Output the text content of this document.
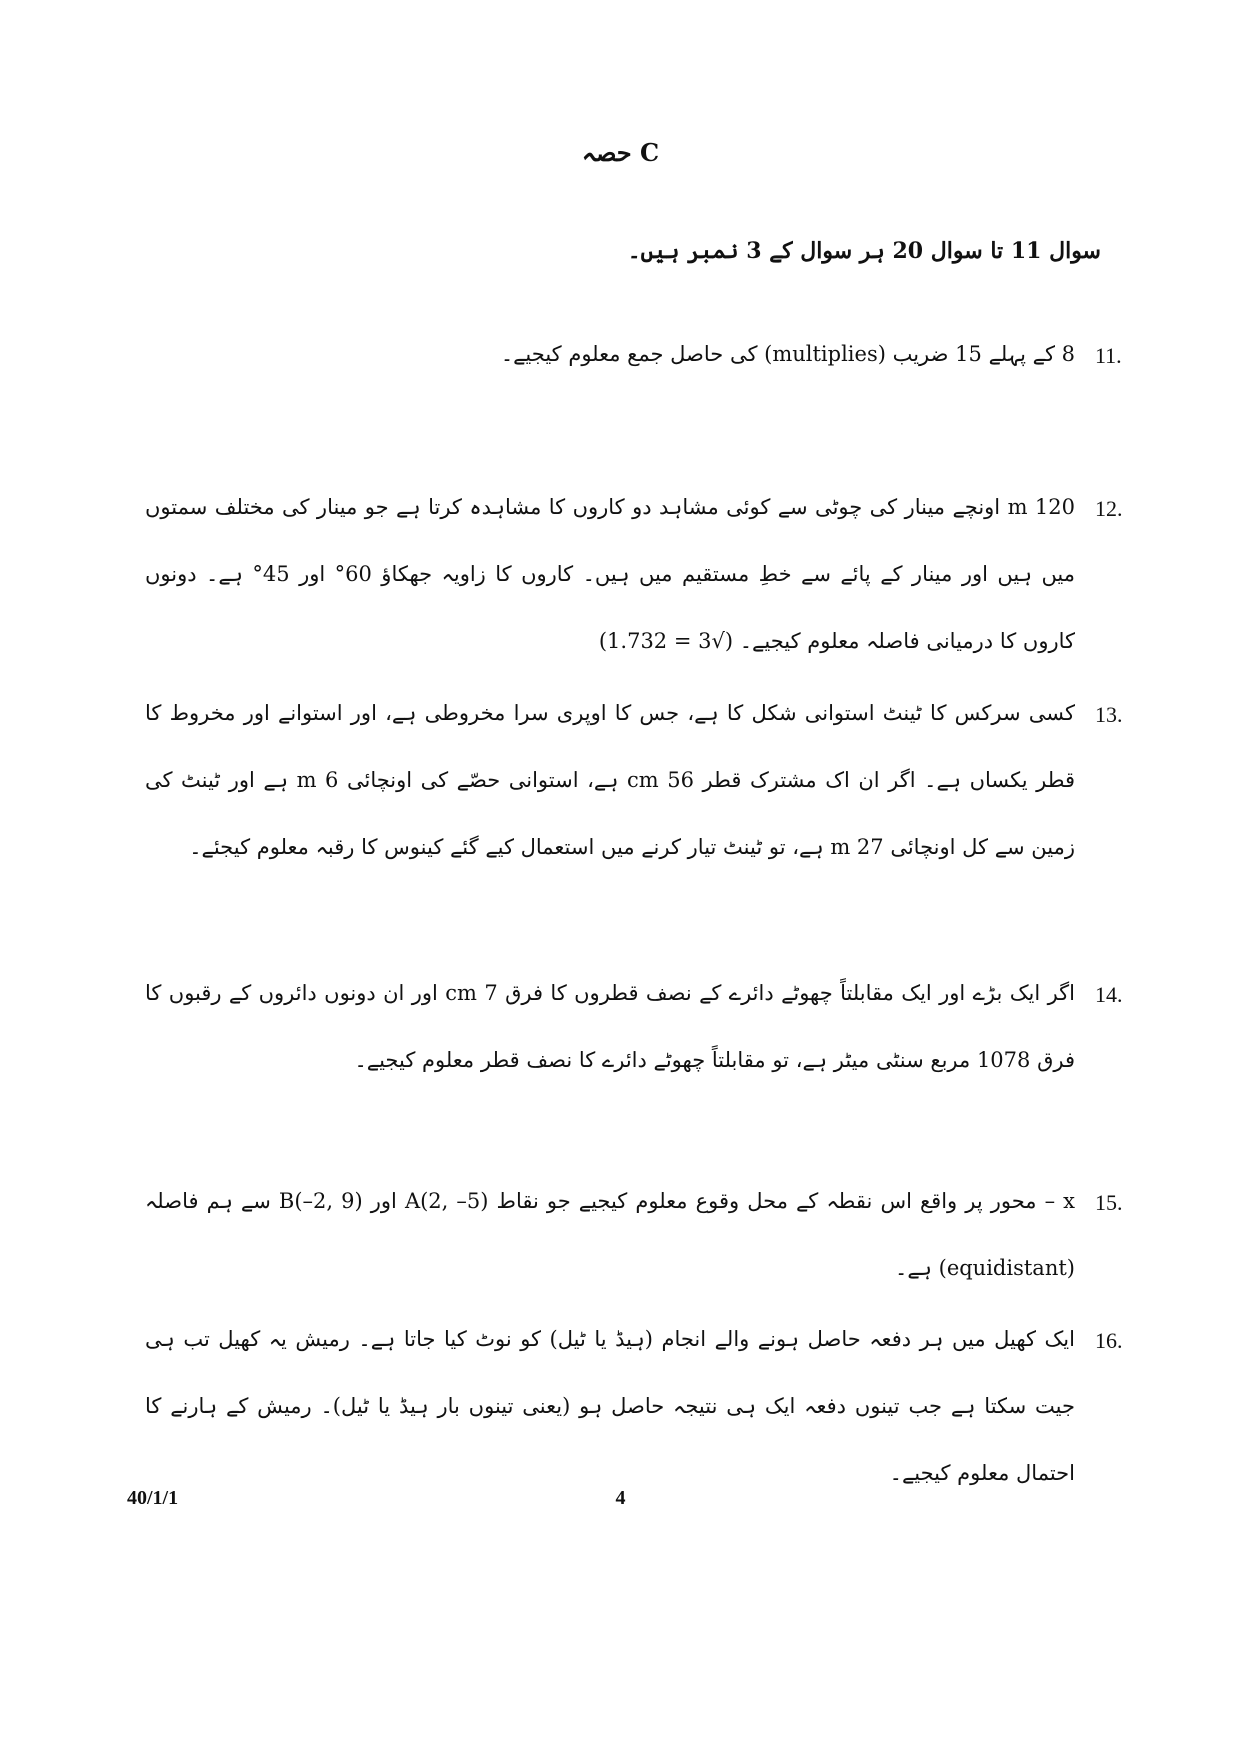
حصہ C
سوال 11 تا سوال 20 ہر سوال کے 3 نمبر ہیں۔
11.
8 کے پہلے 15 ضریب (multiplies) کی حاصل جمع معلوم کیجیے۔
12.
120 m اونچے مینار کی چوٹی سے کوئی مشاہد دو کاروں کا مشاہدہ کرتا ہے جو مینار کی مختلف سمتوں میں ہیں اور مینار کے پائے سے خطِ مستقیم میں ہیں۔ کاروں کا زاویہ جھکاؤ 60° اور 45° ہے۔ دونوں کاروں کا درمیانی فاصلہ معلوم کیجیے۔ (√3 = 1.732)
13.
کسی سرکس کا ٹینٹ استوانی شکل کا ہے، جس کا اوپری سرا مخروطی ہے، اور استوانے اور مخروط کا قطر یکساں ہے۔ اگر ان اک مشترک قطر 56 cm ہے، استوانی حصّے کی اونچائی 6 m ہے اور ٹینٹ کی زمین سے کل اونچائی 27 m ہے، تو ٹینٹ تیار کرنے میں استعمال کیے گئے کینوس کا رقبہ معلوم کیجئے۔
14.
اگر ایک بڑے اور ایک مقابلتاً چھوٹے دائرے کے نصف قطروں کا فرق 7 cm اور ان دونوں دائروں کے رقبوں کا فرق 1078 مربع سنٹی میٹر ہے، تو مقابلتاً چھوٹے دائرے کا نصف قطر معلوم کیجیے۔
15.
x – محور پر واقع اس نقطہ کے محل وقوع معلوم کیجیے جو نقاط A(2, –5) اور B(–2, 9) سے ہم فاصلہ (equidistant) ہے۔
16.
ایک کھیل میں ہر دفعہ حاصل ہونے والے انجام (ہیڈ یا ٹیل) کو نوٹ کیا جاتا ہے۔ رمیش یہ کھیل تب ہی جیت سکتا ہے جب تینوں دفعہ ایک ہی نتیجہ حاصل ہو (یعنی تینوں بار ہیڈ یا ٹیل)۔ رمیش کے ہارنے کا احتمال معلوم کیجیے۔
40/1/1	4
